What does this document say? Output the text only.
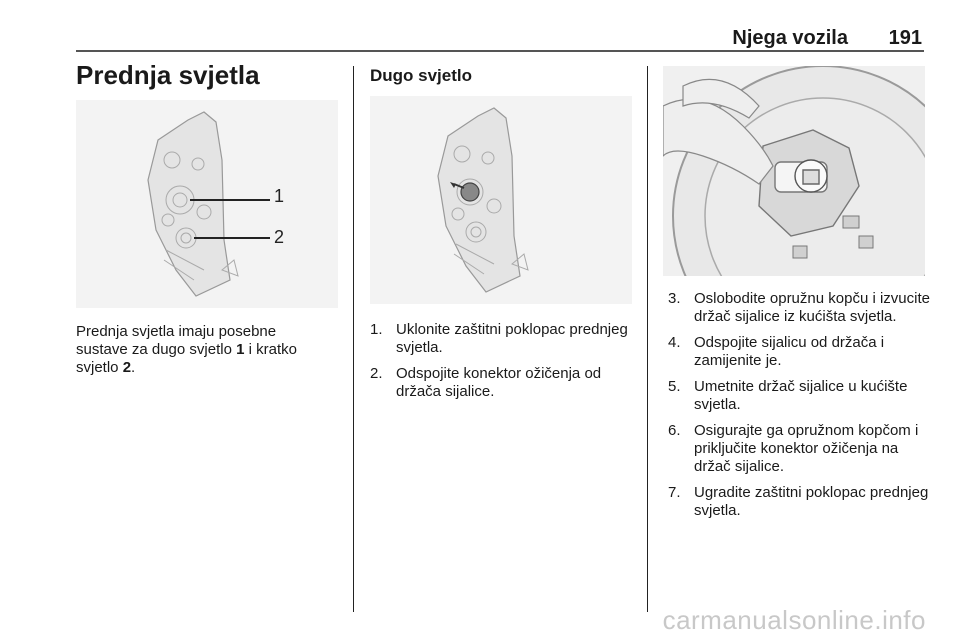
Njega vozila 191
Prednja svjetla
1
2
Prednja svjetla imaju posebne sustave za dugo svjetlo 1 i kratko svjetlo 2.
Dugo svjetlo
1. Uklonite zaštitni poklopac prednjeg svjetla.
2. Odspojite konektor ožičenja od držača sijalice.
3. Oslobodite opružnu kopču i izvucite držač sijalice iz kućišta svjetla.
4. Odspojite sijalicu od držača i zamijenite je.
5. Umetnite držač sijalice u kućište svjetla.
6. Osigurajte ga opružnom kopčom i priključite konektor ožičenja na držač sijalice.
7. Ugradite zaštitni poklopac prednjeg svjetla.
carmanualsonline.info
